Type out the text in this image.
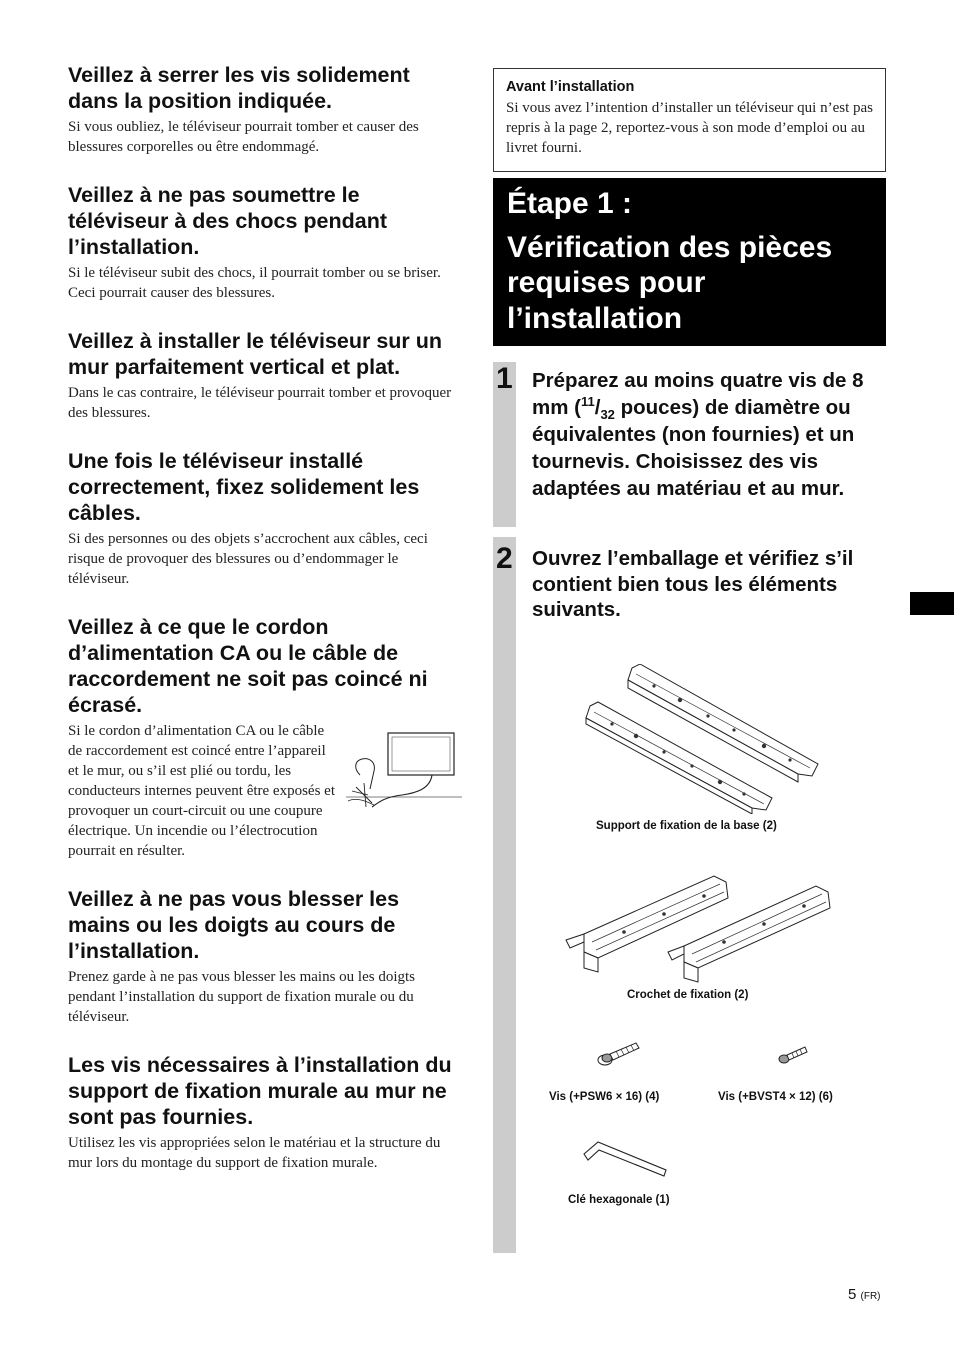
Veillez à serrer les vis solidement dans la position indiquée.

Si vous oubliez, le téléviseur pourrait tomber et causer des blessures corporelles ou être endommagé.

Veillez à ne pas soumettre le téléviseur à des chocs pendant l’installation.

Si le téléviseur subit des chocs, il pourrait tomber ou se briser. Ceci pourrait causer des blessures.

Veillez à installer le téléviseur sur un mur parfaitement vertical et plat.

Dans le cas contraire, le téléviseur pourrait tomber et provoquer des blessures.

Une fois le téléviseur installé correctement, fixez solidement les câbles.

Si des personnes ou des objets s’accrochent aux câbles, ceci risque de provoquer des blessures ou d’endommager le téléviseur.

Veillez à ce que le cordon d’alimentation CA ou le câble de raccordement ne soit pas coincé ni écrasé.

Si le cordon d’alimentation CA ou le câble de raccordement est coincé entre l’appareil et le mur, ou s’il est plié ou tordu, les conducteurs internes peuvent être exposés et provoquer un court-circuit ou une coupure électrique. Un incendie ou l’électrocution pourrait en résulter.

Veillez à ne pas vous blesser les mains ou les doigts au cours de l’installation.

Prenez garde à ne pas vous blesser les mains ou les doigts pendant l’installation du support de fixation murale ou du téléviseur.

Les vis nécessaires à l’installation du support de fixation murale au mur ne sont pas fournies.

Utilisez les vis appropriées selon le matériau et la structure du mur lors du montage du support de fixation murale.

Avant l’installation

Si vous avez l’intention d’installer un téléviseur qui n’est pas repris à la page 2, reportez-vous à son mode d’emploi ou au livret fourni.

Étape 1 :

Vérification des pièces requises pour l’installation

1 Préparez au moins quatre vis de 8 mm ($^{11}/_{32}$ pouces) de diamètre ou équivalentes (non fournies) et un tournevis. Choisissez des vis adaptées au matériau et au mur.
2 Ouvrez l’emballage et vérifiez s’il contient bien tous les éléments suivants.
Support de fixation de la base (2)
Crochet de fixation (2)
Vis (+PSW6 × 16) (4)	Vis (+BVST4 × 12) (6)
Clé hexagonale (1)
5 (FR)
